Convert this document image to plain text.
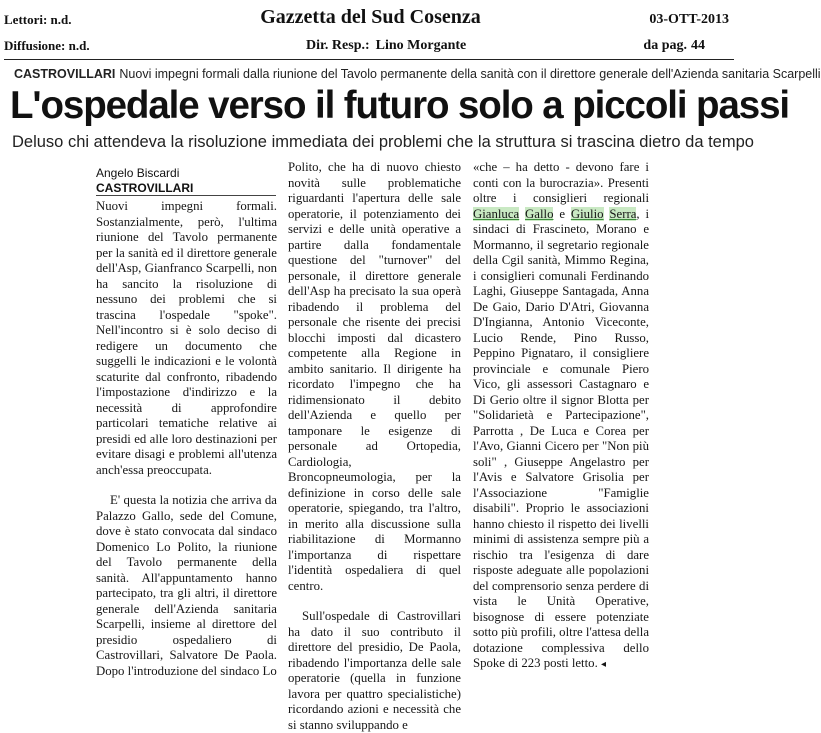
Lettori: n.d.	Gazzetta del Sud Cosenza	03-OTT-2013
Diffusione: n.d.	Dir. Resp.: Lino Morgante	da pag. 44
CASTROVILLARI Nuovi impegni formali dalla riunione del Tavolo permanente della sanità con il direttore generale dell'Azienda sanitaria Scarpelli
L'ospedale verso il futuro solo a piccoli passi
Deluso chi attendeva la risoluzione immediata dei problemi che la struttura si trascina dietro da tempo
Angelo Biscardi
CASTROVILLARI

Nuovi impegni formali. Sostanzialmente, però, l'ultima riunione del Tavolo permanente per la sanità ed il direttore generale dell'Asp, Gianfranco Scarpelli, non ha sancito la risoluzione di nessuno dei problemi che si trascina l'ospedale "spoke". Nell'incontro si è solo deciso di redigere un documento che suggelli le indicazioni e le volontà scaturite dal confronto, ribadendo l'impostazione d'indirizzo e la necessità di approfondire particolari tematiche relative ai presidi ed alle loro destinazioni per evitare disagi e problemi all'utenza anch'essa preoccupata.

E' questa la notizia che arriva da Palazzo Gallo, sede del Comune, dove è stato convocata dal sindaco Domenico Lo Polito, la riunione del Tavolo permanente della sanità. All'appuntamento hanno partecipato, tra gli altri, il direttore generale dell'Azienda sanitaria Scarpelli, insieme al direttore del presidio ospedaliero di Castrovillari, Salvatore De Paola. Dopo l'introduzione del sindaco Lo

Polito, che ha di nuovo chiesto novità sulle problematiche riguardanti l'apertura delle sale operatorie, il potenziamento dei servizi e delle unità operative a partire dalla fondamentale questione del "turnover" del personale, il direttore generale dell'Asp ha precisato la sua operà ribadendo il problema del personale che risente dei precisi blocchi imposti dal dicastero competente alla Regione in ambito sanitario. Il dirigente ha ricordato l'impegno che ha ridimensionato il debito dell'Azienda e quello per tamponare le esigenze di personale ad Ortopedia, Cardiologia, Broncopneumologia, per la definizione in corso delle sale operatorie, spiegando, tra l'altro, in merito alla discussione sulla riabilitazione di Mormanno l'importanza di rispettare l'identità ospedaliera di quel centro.

Sull'ospedale di Castrovillari ha dato il suo contributo il direttore del presidio, De Paola, ribadendo l'importanza delle sale operatorie (quella in funzione lavora per quattro specialistiche) ricordando azioni e necessità che si stanno sviluppando e

«che – ha detto - devono fare i conti con la burocrazia». Presenti oltre i consiglieri regionali Gianluca Gallo e Giulio Serra, i sindaci di Frascineto, Morano e Mormanno, il segretario regionale della Cgil sanità, Mimmo Regina, i consiglieri comunali Ferdinando Laghi, Giuseppe Santagada, Anna De Gaio, Dario D'Atri, Giovanna D'Ingianna, Antonio Viceconte, Lucio Rende, Pino Russo, Peppino Pignataro, il consigliere provinciale e comunale Piero Vico, gli assessori Castagnaro e Di Gerio oltre il signor Blotta per "Solidarietà e Partecipazione", Parrotta , De Luca e Corea per l'Avo, Gianni Cicero per "Non più soli" , Giuseppe Angelastro per l'Avis e Salvatore Grisolia per l'Associazione "Famiglie disabili". Proprio le associazioni hanno chiesto il rispetto dei livelli minimi di assistenza sempre più a rischio tra l'esigenza di dare risposte adeguate alle popolazioni del comprensorio senza perdere di vista le Unità Operative, bisognose di essere potenziate sotto più profili, oltre l'attesa della dotazione complessiva dello Spoke di 223 posti letto. ◂
